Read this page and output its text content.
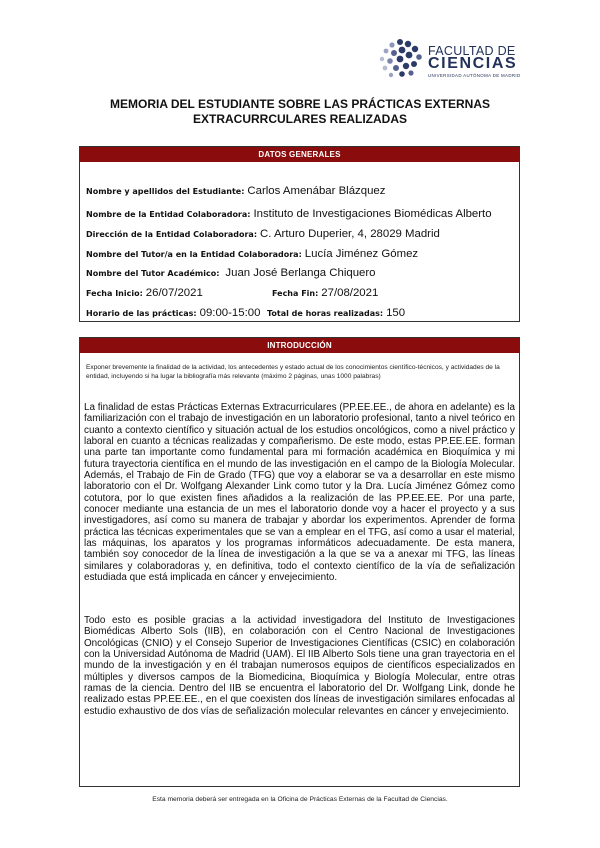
FACULTAD DE
CIENCIAS
UNIVERSIDAD AUTÓNOMA DE MADRID
MEMORIA DEL ESTUDIANTE SOBRE LAS PRÁCTICAS EXTERNAS
EXTRACURRCULARES REALIZADAS
DATOS GENERALES
Nombre y apellidos del Estudiante: Carlos Amenábar Blázquez
Nombre de la Entidad Colaboradora: Instituto de Investigaciones Biomédicas Alberto
Dirección de la Entidad Colaboradora: C. Arturo Duperier, 4, 28029 Madrid
Nombre del Tutor/a en la Entidad Colaboradora: Lucía Jiménez Gómez
Nombre del Tutor Académico: Juan José Berlanga Chiquero
Fecha Inicio: 26/07/2021	Fecha Fin: 27/08/2021
Horario de las prácticas: 09:00-15:00 Total de horas realizadas: 150
INTRODUCCIÓN
Exponer brevemente la finalidad de la actividad, los antecedentes y estado actual de los conocimientos científico-técnicos, y actividades de la entidad, incluyendo si ha lugar la bibliografía más relevante (máximo 2 páginas, unas 1000 palabras)
La finalidad de estas Prácticas Externas Extracurriculares (PP.EE.EE., de ahora en adelante) es la familiarización con el trabajo de investigación en un laboratorio profesional, tanto a nivel teórico en cuanto a contexto científico y situación actual de los estudios oncológicos, como a nivel práctico y laboral en cuanto a técnicas realizadas y compañerismo. De este modo, estas PP.EE.EE. forman una parte tan importante como fundamental para mi formación académica en Bioquímica y mi futura trayectoria científica en el mundo de las investigación en el campo de la Biología Molecular. Además, el Trabajo de Fin de Grado (TFG) que voy a elaborar se va a desarrollar en este mismo laboratorio con el Dr. Wolfgang Alexander Link como tutor y la Dra. Lucía Jiménez Gómez como cotutora, por lo que existen fines añadidos a la realización de las PP.EE.EE. Por una parte, conocer mediante una estancia de un mes el laboratorio donde voy a hacer el proyecto y a sus investigadores, así como su manera de trabajar y abordar los experimentos. Aprender de forma práctica las técnicas experimentales que se van a emplear en el TFG, así como a usar el material, las máquinas, los aparatos y los programas informáticos adecuadamente. De esta manera, también soy conocedor de la línea de investigación a la que se va a anexar mi TFG, las líneas similares y colaboradoras y, en definitiva, todo el contexto científico de la vía de señalización estudiada que está implicada en cáncer y envejecimiento.
Todo esto es posible gracias a la actividad investigadora del Instituto de Investigaciones Biomédicas Alberto Sols (IIB), en colaboración con el Centro Nacional de Investigaciones Oncológicas (CNIO) y el Consejo Superior de Investigaciones Científicas (CSIC) en colaboración con la Universidad Autónoma de Madrid (UAM). El IIB Alberto Sols tiene una gran trayectoria en el mundo de la investigación y en él trabajan numerosos equipos de científicos especializados en múltiples y diversos campos de la Biomedicina, Bioquímica y Biología Molecular, entre otras ramas de la ciencia. Dentro del IIB se encuentra el laboratorio del Dr. Wolfgang Link, donde he realizado estas PP.EE.EE., en el que coexisten dos líneas de investigación similares enfocadas al estudio exhaustivo de dos vías de señalización molecular relevantes en cáncer y envejecimiento.
Esta memoria deberá ser entregada en la Oficina de Prácticas Externas de la Facultad de Ciencias.
